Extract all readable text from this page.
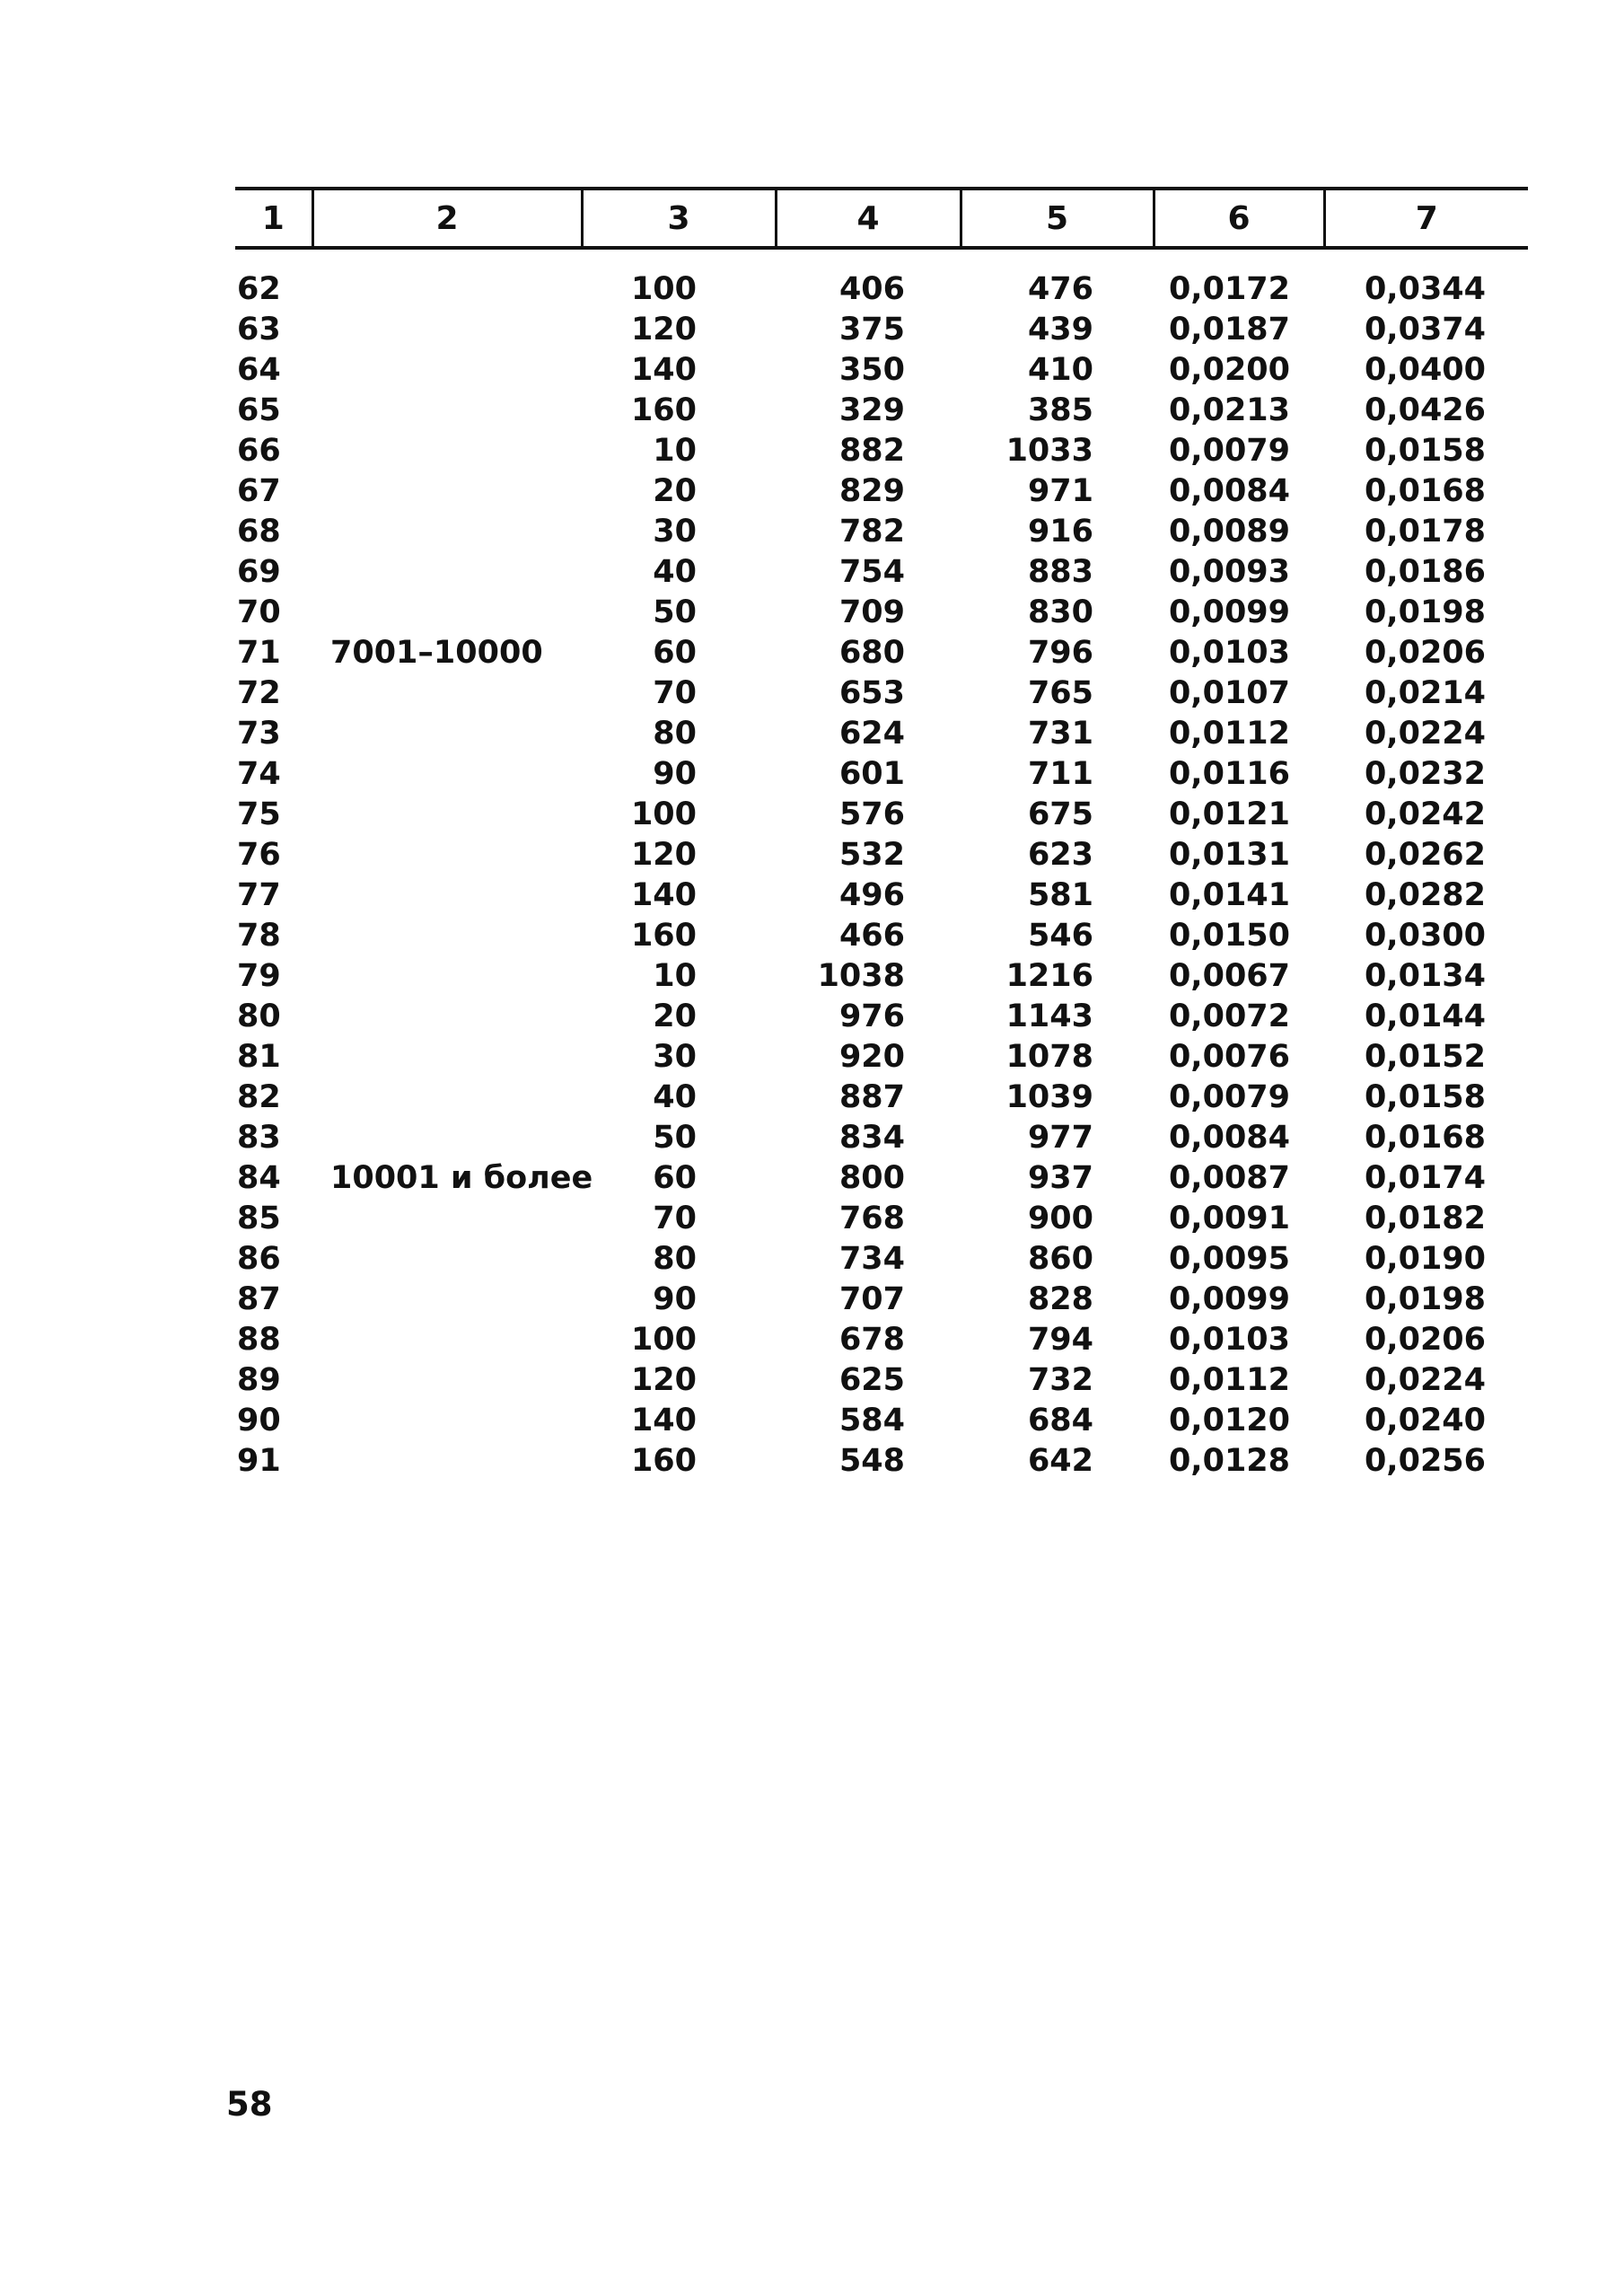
1	2	3	4	5	6	7

62		100	406	476	0,0172	0,0344
63		120	375	439	0,0187	0,0374
64		140	350	410	0,0200	0,0400
65		160	329	385	0,0213	0,0426
66		10	882	1033	0,0079	0,0158
67		20	829	971	0,0084	0,0168
68		30	782	916	0,0089	0,0178
69		40	754	883	0,0093	0,0186
70		50	709	830	0,0099	0,0198
71	7001–10000	60	680	796	0,0103	0,0206
72		70	653	765	0,0107	0,0214
73		80	624	731	0,0112	0,0224
74		90	601	711	0,0116	0,0232
75		100	576	675	0,0121	0,0242
76		120	532	623	0,0131	0,0262
77		140	496	581	0,0141	0,0282
78		160	466	546	0,0150	0,0300
79		10	1038	1216	0,0067	0,0134
80		20	976	1143	0,0072	0,0144
81		30	920	1078	0,0076	0,0152
82		40	887	1039	0,0079	0,0158
83		50	834	977	0,0084	0,0168
84	10001 и более	60	800	937	0,0087	0,0174
85		70	768	900	0,0091	0,0182
86		80	734	860	0,0095	0,0190
87		90	707	828	0,0099	0,0198
88		100	678	794	0,0103	0,0206
89		120	625	732	0,0112	0,0224
90		140	584	684	0,0120	0,0240
91		160	548	642	0,0128	0,0256
58
